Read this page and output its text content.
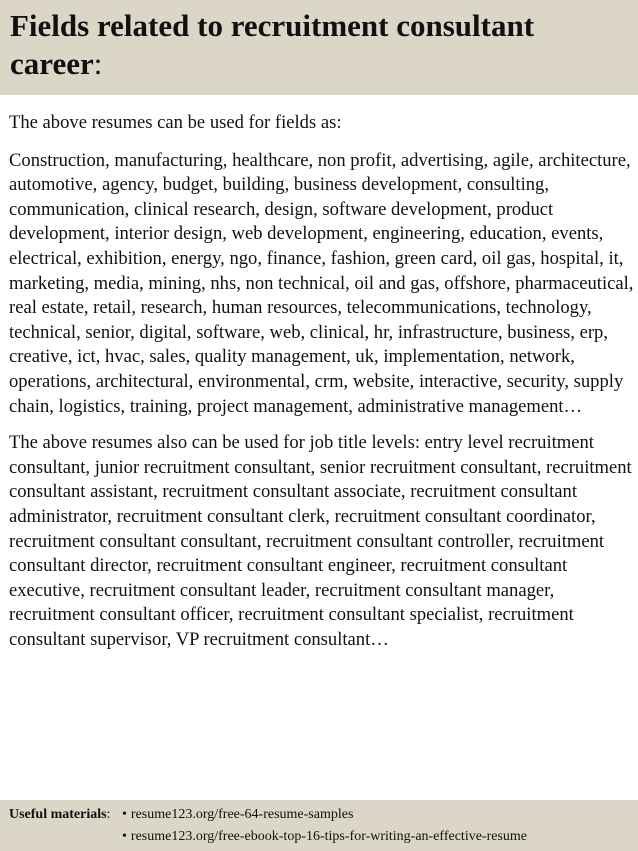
Fields related to recruitment consultant career:

The above resumes can be used for fields as:

Construction, manufacturing, healthcare, non profit, advertising, agile, architecture, automotive, agency, budget, building, business development, consulting, communication, clinical research, design, software development, product development, interior design, web development, engineering, education, events, electrical, exhibition, energy, ngo, finance, fashion, green card, oil gas, hospital, it, marketing, media, mining, nhs, non technical, oil and gas, offshore, pharmaceutical, real estate, retail, research, human resources, telecommunications, technology, technical, senior, digital, software, web, clinical, hr, infrastructure, business, erp, creative, ict, hvac, sales, quality management, uk, implementation, network, operations, architectural, environmental, crm, website, interactive, security, supply chain, logistics, training, project management, administrative management…

The above resumes also can be used for job title levels: entry level recruitment consultant, junior recruitment consultant, senior recruitment consultant, recruitment consultant assistant, recruitment consultant associate, recruitment consultant administrator, recruitment consultant clerk, recruitment consultant coordinator, recruitment consultant consultant, recruitment consultant controller, recruitment consultant director, recruitment consultant engineer, recruitment consultant executive, recruitment consultant leader, recruitment consultant manager, recruitment consultant officer, recruitment consultant specialist, recruitment consultant supervisor, VP recruitment consultant…

Useful materials: • resume123.org/free-64-resume-samples
• resume123.org/free-ebook-top-16-tips-for-writing-an-effective-resume
